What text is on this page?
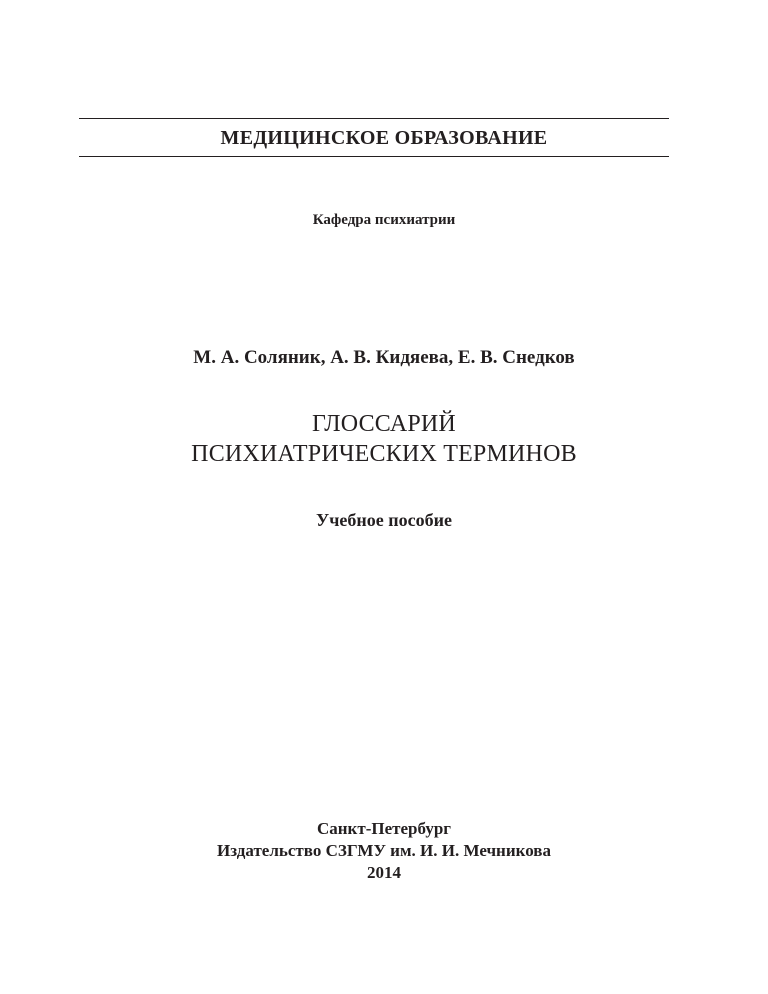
МЕДИЦИНСКОЕ ОБРАЗОВАНИЕ
Кафедра психиатрии
М. А. Соляник, А. В. Кидяева, Е. В. Снедков
ГЛОССАРИЙ
ПСИХИАТРИЧЕСКИХ ТЕРМИНОВ
Учебное пособие
Санкт-Петербург
Издательство СЗГМУ им. И. И. Мечникова
2014
